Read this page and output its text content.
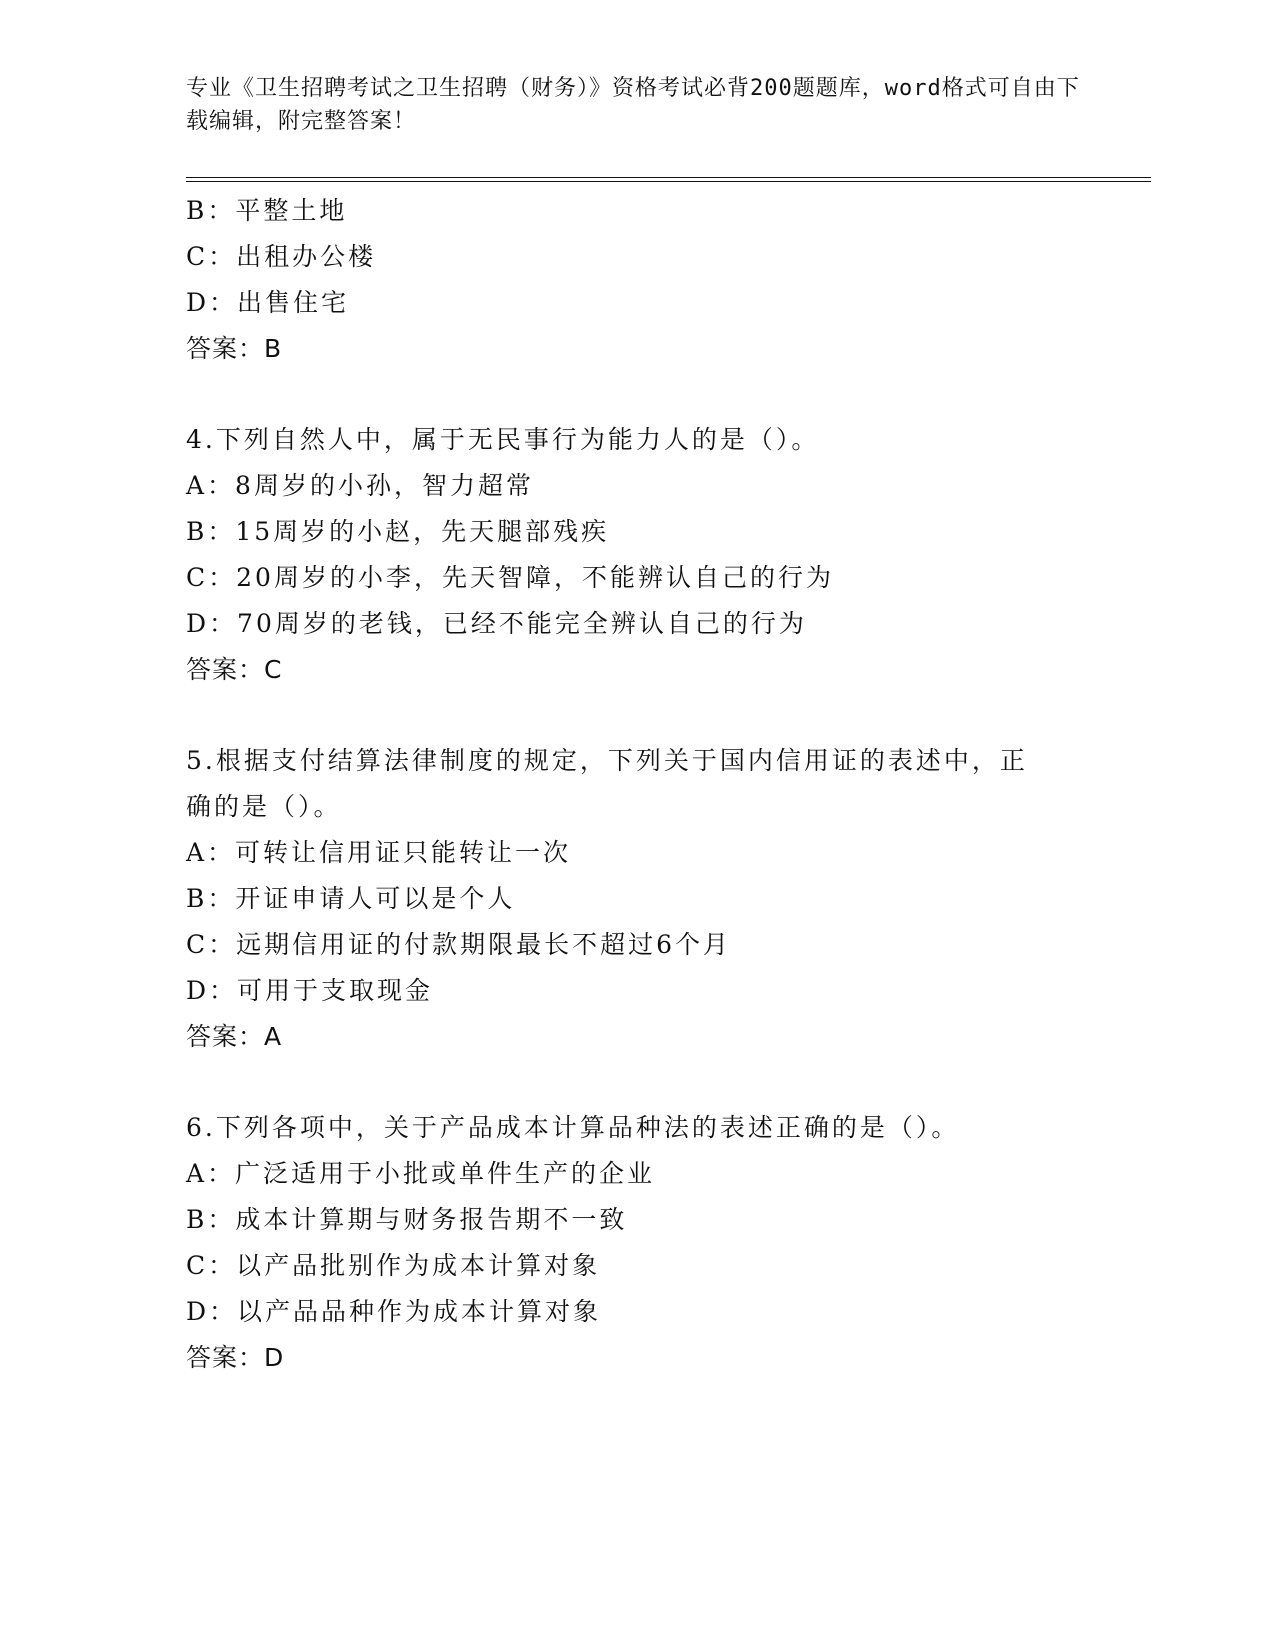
专业《卫生招聘考试之卫生招聘（财务）》资格考试必背200题题库，word格式可自由下载编辑，附完整答案！
B：平整土地
C：出租办公楼
D：出售住宅
答案：B
4.下列自然人中，属于无民事行为能力人的是（）。
A：8周岁的小孙，智力超常
B：15周岁的小赵，先天腿部残疾
C：20周岁的小李，先天智障，不能辨认自己的行为
D：70周岁的老钱，已经不能完全辨认自己的行为
答案：C
5.根据支付结算法律制度的规定，下列关于国内信用证的表述中，正确的是（）。
A：可转让信用证只能转让一次
B：开证申请人可以是个人
C：远期信用证的付款期限最长不超过6个月
D：可用于支取现金
答案：A
6.下列各项中，关于产品成本计算品种法的表述正确的是（）。
A：广泛适用于小批或单件生产的企业
B：成本计算期与财务报告期不一致
C：以产品批别作为成本计算对象
D：以产品品种作为成本计算对象
答案：D
